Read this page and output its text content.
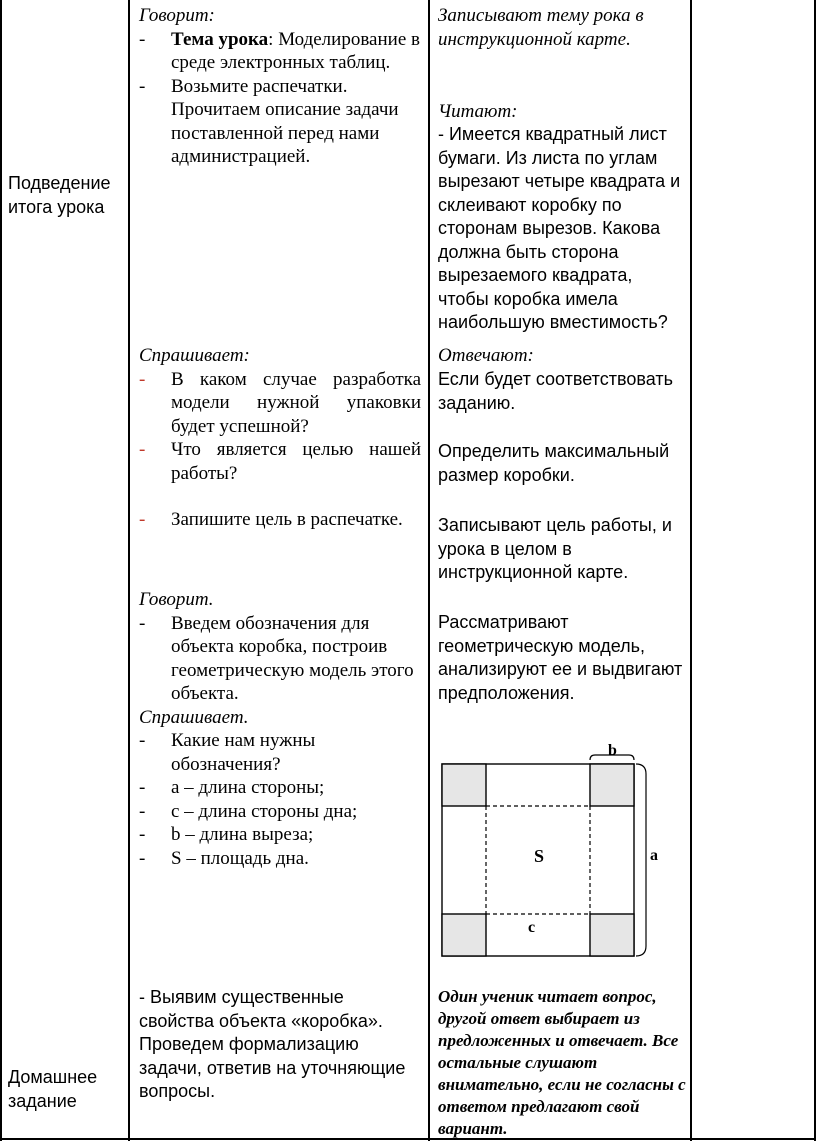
Подведение итога урока
Домашнее задание
Говорит:
- Тема урока: Моделирование в среде электронных таблиц.
- Возьмите распечатки. Прочитаем описание задачи поставленной перед нами администрацией.
Спрашивает:
- В каком случае разработка модели нужной упаковки будет успешной?
- Что является целью нашей работы?
- Запишите цель в распечатке.
Говорит.
- Введем обозначения для объекта коробка, построив геометрическую модель этого объекта.
Спрашивает.
- Какие нам нужны обозначения?
- а – длина стороны;
- с – длина стороны дна;
- b – длина выреза;
- S – площадь дна.
- Выявим существенные свойства объекта «коробка». Проведем формализацию задачи, ответив на уточняющие вопросы.
Записывают тему рока в инструкционной карте.
Читают:
- Имеется квадратный лист бумаги. Из листа по углам вырезают четыре квадрата и склеивают коробку по сторонам вырезов. Какова должна быть сторона вырезаемого квадрата, чтобы коробка имела наибольшую вместимость?
Отвечают:
Если будет соответствовать заданию.
Определить максимальный размер коробки.
Записывают цель работы, и урока в целом в инструкционной карте.
Рассматривают геометрическую модель, анализируют ее и выдвигают предположения.
b
a
S
c
Один ученик читает вопрос, другой ответ выбирает из предложенных и отвечает. Все остальные слушают внимательно, если не согласны с ответом предлагают свой вариант.
